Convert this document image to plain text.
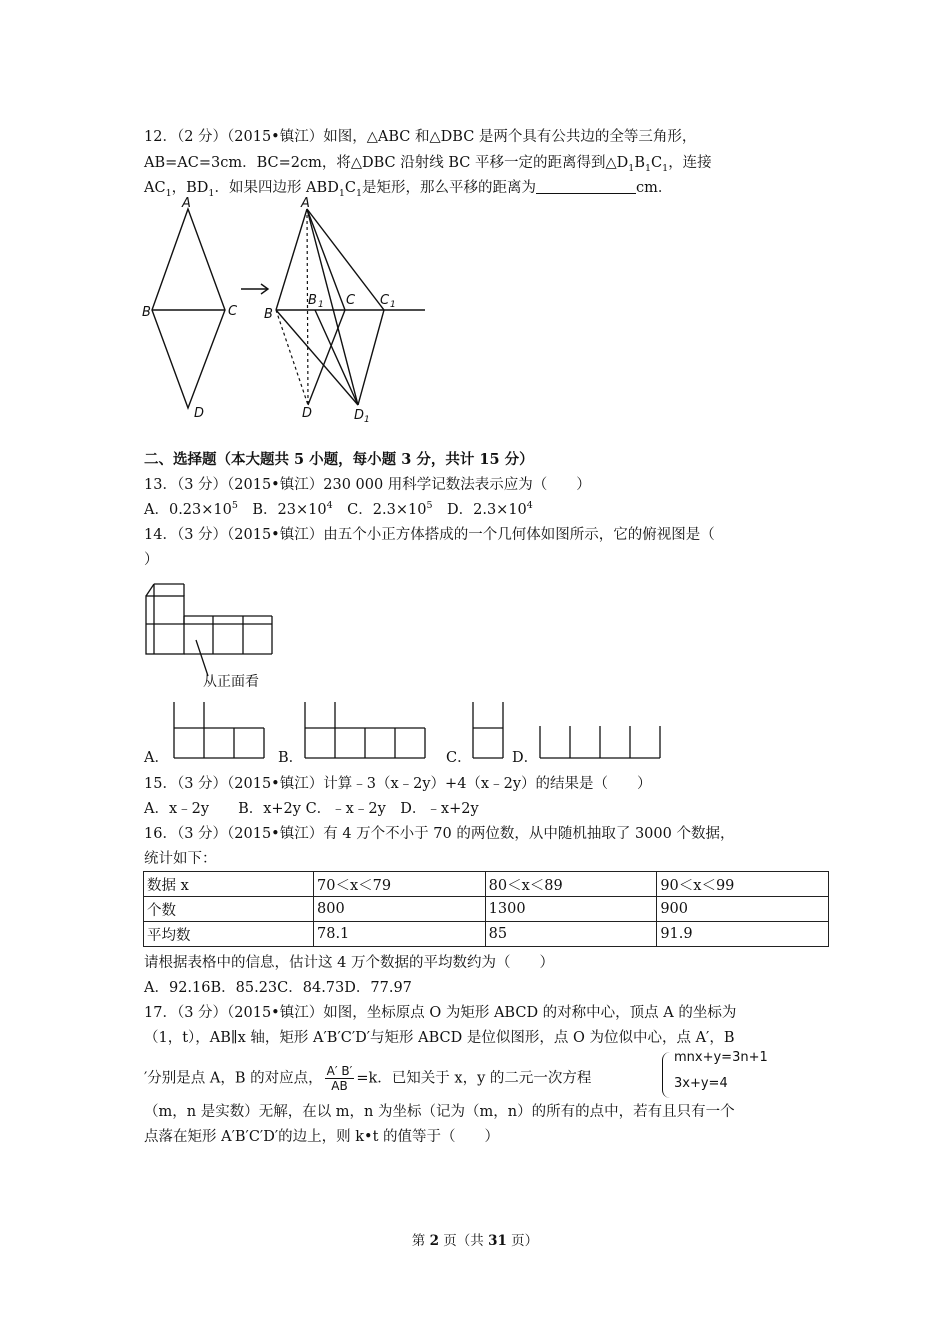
12．（2 分）（2015•镇江）如图，△ABC 和△DBC 是两个具有公共边的全等三角形，
AB=AC=3cm．BC=2cm，将△DBC 沿射线 BC 平移一定的距离得到$\triangle D_1B_1C_1$，连接
$AC_1$，$BD_1$．如果四边形 $ABD_1C_1$是矩形，那么平移的距离为	cm．
A
B	C
D
A
B
B 1 C C 1
D	D 1
二、选择题（本大题共 5 小题，每小题 3 分，共计 15 分）
13．（3 分）（2015•镇江）230 000 用科学记数法表示应为（　　）
A．$0.23\times 10^5$　 B．$23\times 10^4$　 C．$2.3\times 10^5$　 D．$2.3\times 10^4$
14．（3 分）（2015•镇江）由五个小正方体搭成的一个几何体如图所示，它的俯视图是（
）
从正面看
A．	B．	C．	D．
15．（3 分）（2015•镇江）计算﹣3（x﹣2y）+4（x﹣2y）的结果是（　　）
A．x﹣2y　　B．x+2y C．﹣x﹣2y　D．﹣x+2y
16．（3 分）（2015•镇江）有 4 万个不小于 70 的两位数，从中随机抽取了 3000 个数据，
统计如下：
数据 x	70＜x＜79	80＜x＜89	90＜x＜99
个数	800	1300	900
平均数	78.1	85	91.9
请根据表格中的信息，估计这 4 万个数据的平均数约为（　　）
A．92.16B．85.23C．84.73D．77.97
17．（3 分）（2015•镇江）如图，坐标原点 O 为矩形 ABCD 的对称中心，顶点 A 的坐标为
（1，t），AB∥x 轴，矩形 A′B′C′D′与矩形 ABCD 是位似图形，点 O 为位似中心，点 A′，B
′分别是点 A，B 的对应点， $\frac{A' B'}{AB} =k$．已知关于 x，y 的二元一次方程
mnx+y=3n+1
3x+y=4
（m，n 是实数）无解，在以 m，n 为坐标（记为（m，n）的所有的点中，若有且只有一个
点落在矩形 A′B′C′D′的边上，则 k•t 的值等于（　　）
第 2 页（共 31 页）
